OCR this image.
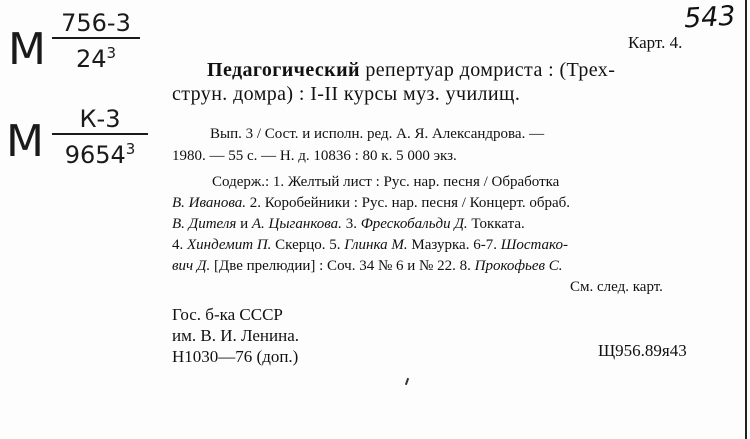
М
756-3
$24^3$
М	К-3
9654$^3$
543
Карт. 4.
Педагогический репертуар домриста : (Трех-
струн. домра) : I-II курсы муз. училищ.
Вып. 3 / Сост. и исполн. ред. А. Я. Александрова. —
1980. — 55 с. — Н. д. 10836 : 80 к. 5 000 экз.
Содерж.: 1. Желтый лист : Рус. нар. песня / Обработка
В. Иванова. 2. Коробейники : Рус. нар. песня / Концерт. обраб.
В. Дителя и А. Цыганкова. 3. Фрескобальди Д. Токката.
4. Хиндемит П. Скерцо. 5. Глинка М. Мазурка. 6-7. Шостако-
вич Д. [Две прелюдии] : Соч. 34 № 6 и № 22. 8. Прокофьев С.
См. след. карт.
Гос. б-ка СССР
им. В. И. Ленина.
Н1030—76 (доп.)	Щ956.89я43
